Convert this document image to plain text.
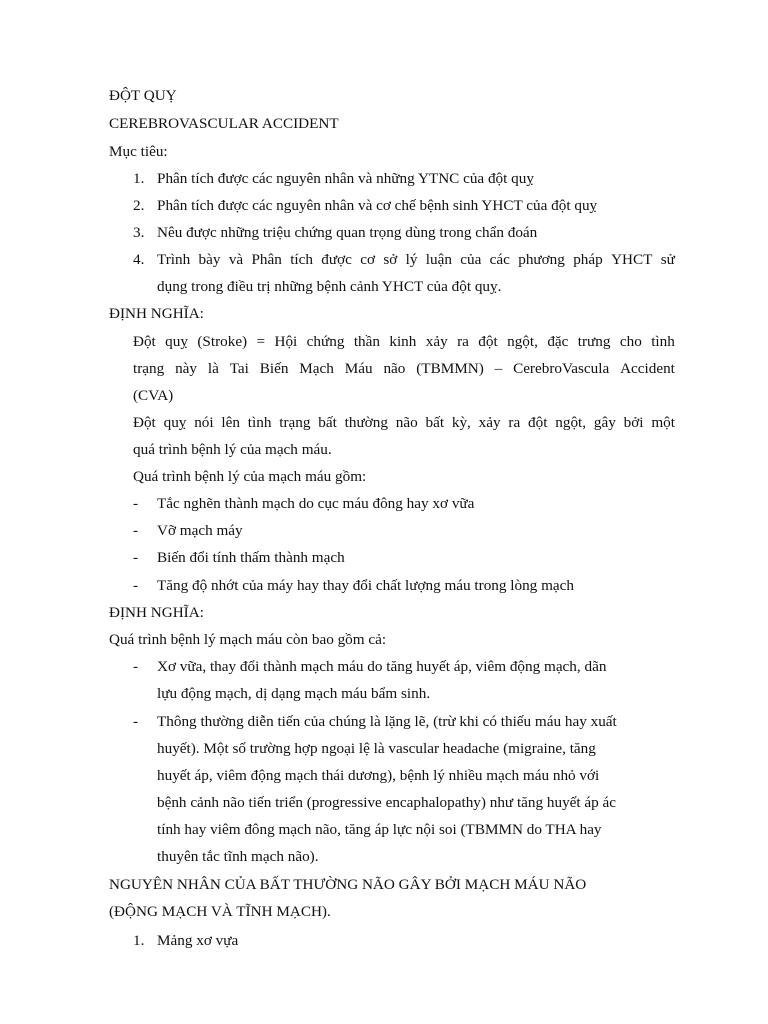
ĐỘT QUỴ
CEREBROVASCULAR ACCIDENT
Mục tiêu:
1. Phân tích được các nguyên nhân và những YTNC của đột quỵ
2. Phân tích được các nguyên nhân và cơ chế bệnh sinh YHCT của đột quỵ
3. Nêu được những triệu chứng quan trọng dùng trong chẩn đoán
4. Trình bày và Phân tích được cơ sở lý luận của các phương pháp YHCT sử
dụng trong điều trị những bệnh cảnh YHCT của đột quỵ.
ĐỊNH NGHĨA:
Đột quỵ (Stroke) = Hội chứng thần kinh xảy ra đột ngột, đặc trưng cho tình
trạng này là Tai Biến Mạch Máu não (TBMMN) – CerebroVascula Accident
(CVA)
Đột quỵ nói lên tình trạng bất thường não bất kỳ, xảy ra đột ngột, gây bởi một
quá trình bệnh lý của mạch máu.
Quá trình bệnh lý của mạch máu gồm:
- Tắc nghẽn thành mạch do cục máu đông hay xơ vữa
- Vỡ mạch máy
- Biến đổi tính thấm thành mạch
- Tăng độ nhớt của máy hay thay đổi chất lượng máu trong lòng mạch
ĐỊNH NGHĨA:
Quá trình bệnh lý mạch máu còn bao gồm cả:
- Xơ vữa, thay đổi thành mạch máu do tăng huyết áp, viêm động mạch, dãn
lựu động mạch, dị dạng mạch máu bẩm sinh.
- Thông thường diễn tiến của chúng là lặng lẽ, (trừ khi có thiếu máu hay xuất
huyết). Một số trường hợp ngoại lệ là vascular headache (migraine, tăng
huyết áp, viêm động mạch thái dương), bệnh lý nhiều mạch máu nhỏ với
bệnh cảnh não tiến triển (progressive encaphalopathy) như tăng huyết áp ác
tính hay viêm đông mạch não, tăng áp lực nội soi (TBMMN do THA hay
thuyên tắc tĩnh mạch não).
NGUYÊN NHÂN CỦA BẤT THƯỜNG NÃO GÂY BỞI MẠCH MÁU NÃO
(ĐỘNG MẠCH VÀ TĨNH MẠCH).
1. Mảng xơ vựa
